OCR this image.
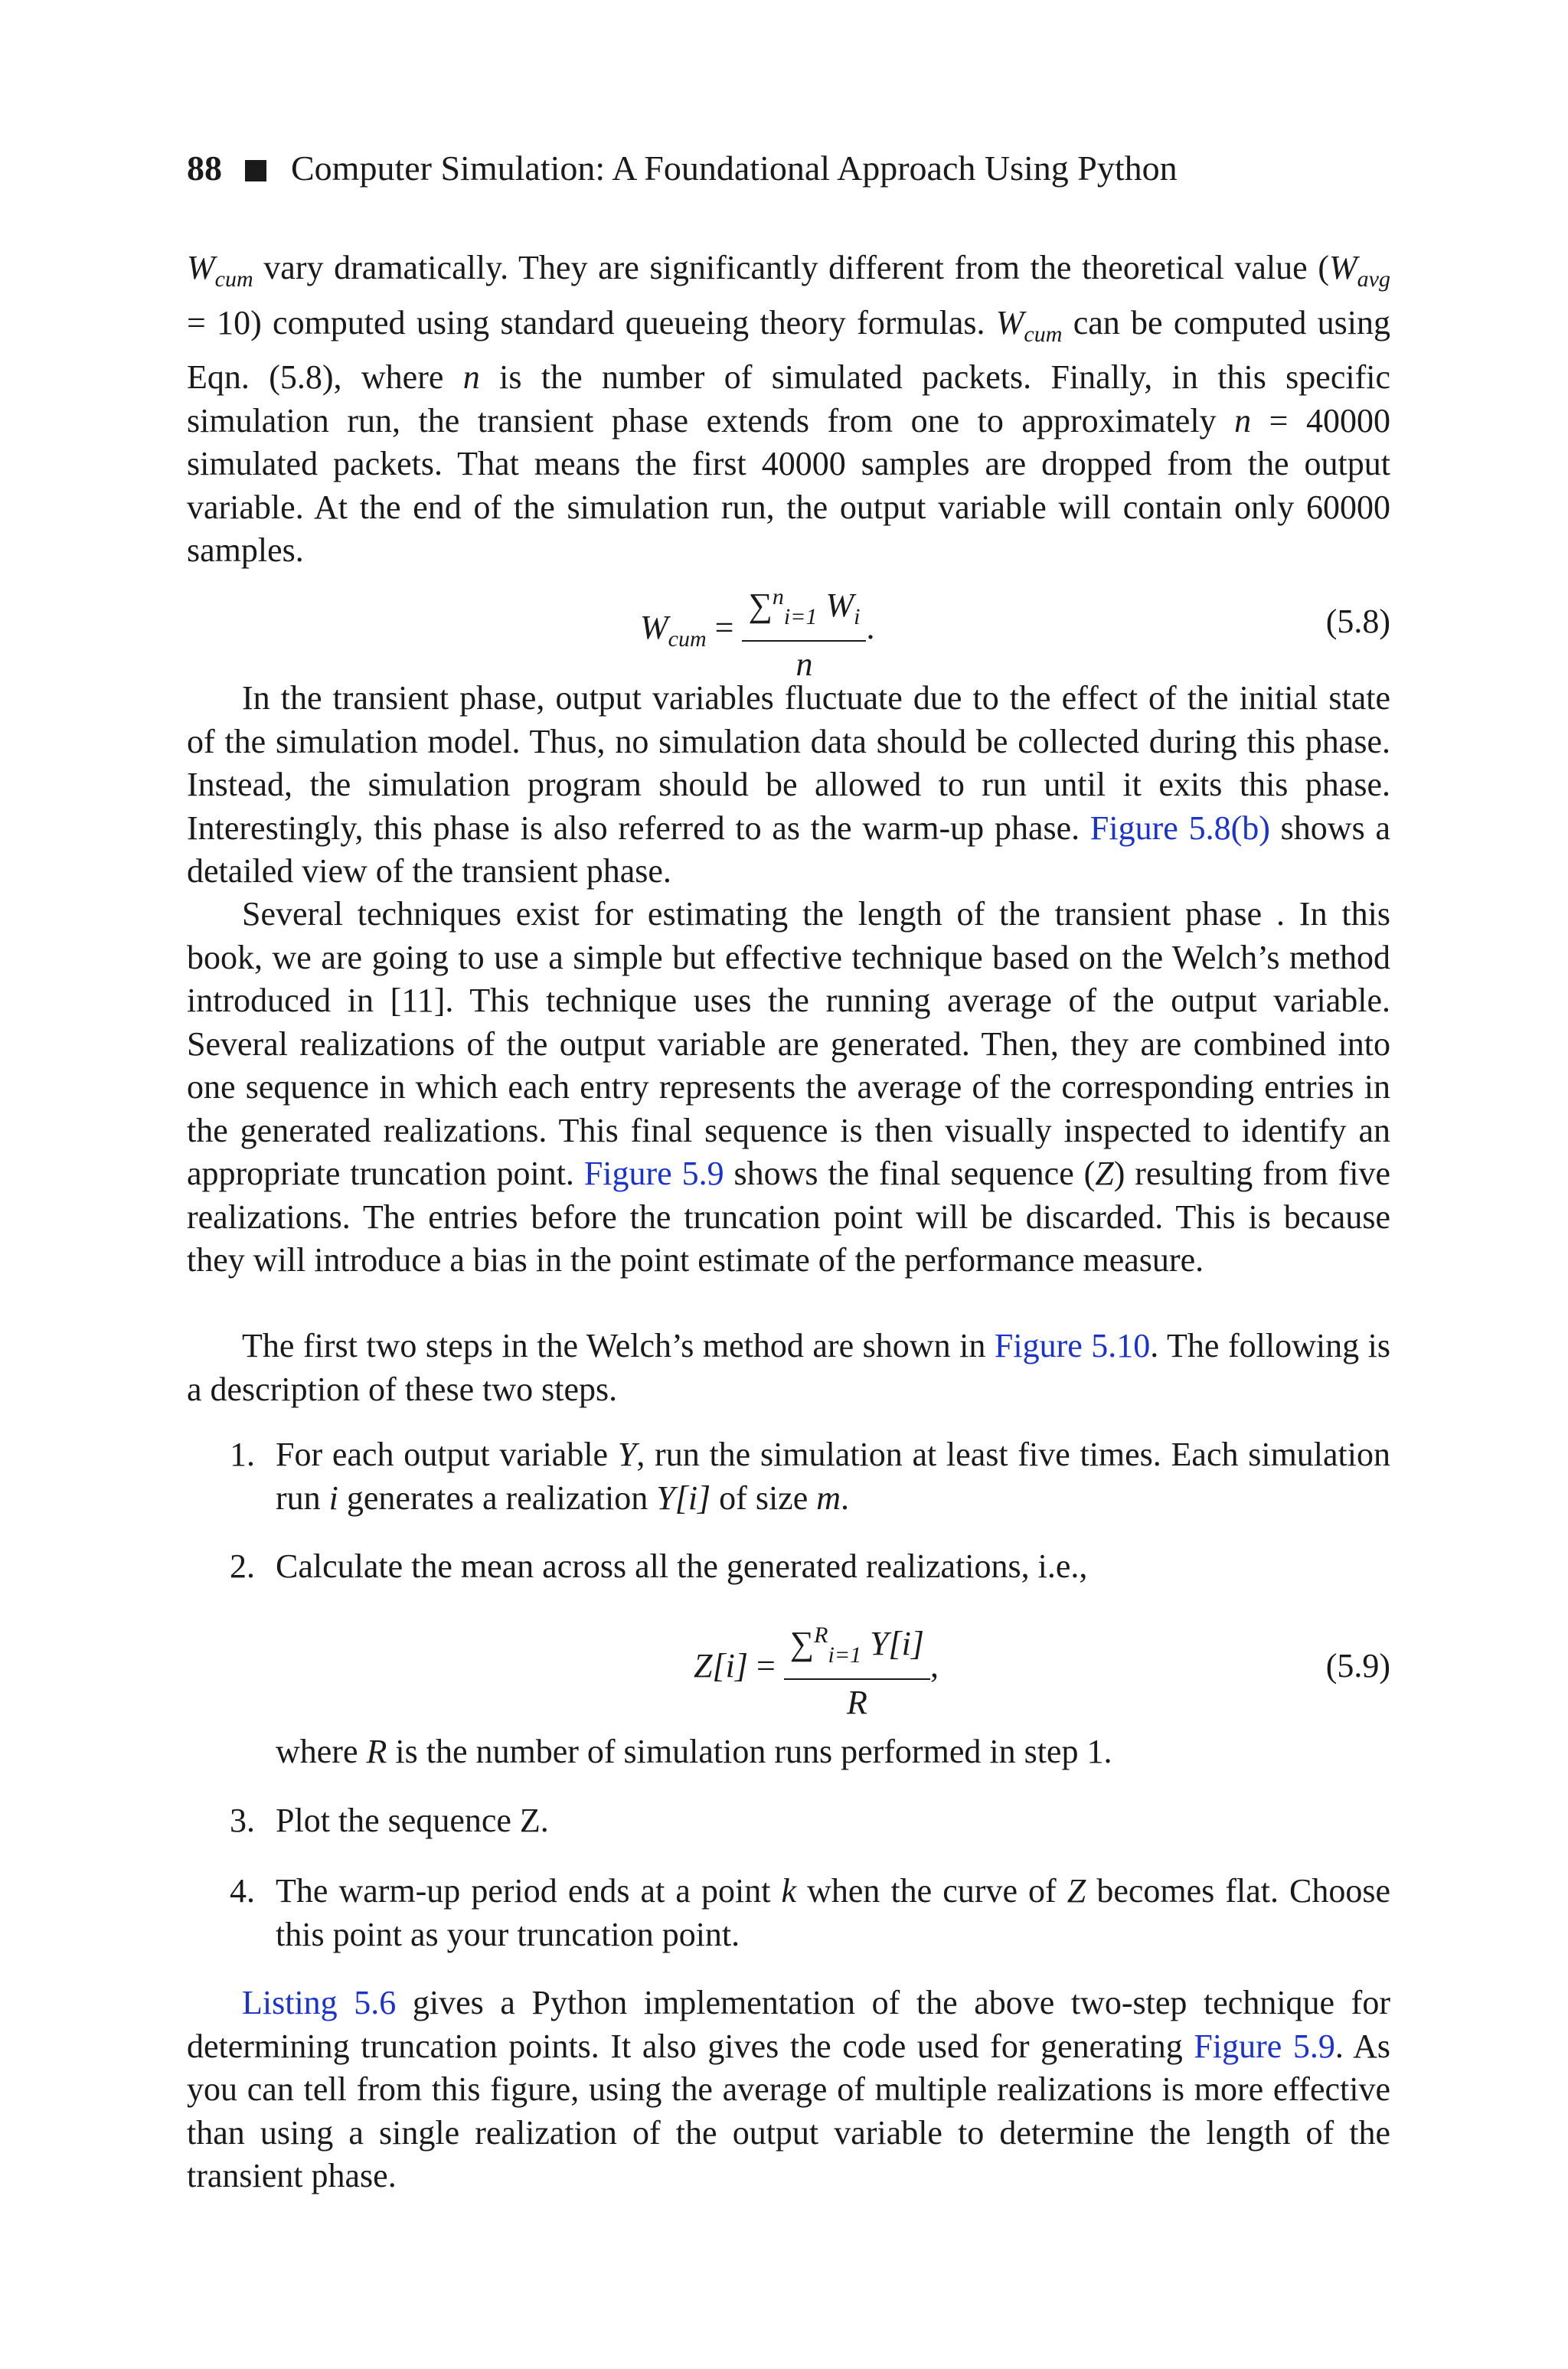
88 Computer Simulation: A Foundational Approach Using Python

$W_{cum}$ vary dramatically. They are significantly different from the theoretical value $(W_{avg} = 10)$ computed using standard queueing theory formulas. $W_{cum}$ can be computed using Eqn. (5.8), where n is the number of simulated packets. Finally, in this specific simulation run, the transient phase extends from one to approximately n = 40000 simulated packets. That means the first 40000 samples are dropped from the output variable. At the end of the simulation run, the output variable will contain only 60000 samples.

$W_{cum} = \frac{\sum^n_{i=1} W_i}{n}$ .	(5.8)

In the transient phase, output variables fluctuate due to the effect of the initial state of the simulation model. Thus, no simulation data should be collected during this phase. Instead, the simulation program should be allowed to run until it exits this phase. Interestingly, this phase is also referred to as the warm-up phase. Figure 5.8(b) shows a detailed view of the transient phase.

Several techniques exist for estimating the length of the transient phase . In this book, we are going to use a simple but effective technique based on the Welch’s method introduced in [11]. This technique uses the running average of the output variable. Several realizations of the output variable are generated. Then, they are combined into one sequence in which each entry represents the average of the corresponding entries in the generated realizations. This final sequence is then visually inspected to identify an appropriate truncation point. Figure 5.9 shows the final sequence (Z) resulting from five realizations. The entries before the truncation point will be discarded. This is because they will introduce a bias in the point estimate of the performance measure.

The first two steps in the Welch’s method are shown in Figure 5.10. The following is a description of these two steps.

1. For each output variable Y, run the simulation at least five times. Each simulation run i generates a realization Y[i] of size m.

2. Calculate the mean across all the generated realizations, i.e.,

$Z[i] = \frac{\sum^R_{i=1} Y[i]}{R}$ ,	(5.9)

where R is the number of simulation runs performed in step 1.

3. Plot the sequence Z.

4. The warm-up period ends at a point k when the curve of Z becomes flat. Choose this point as your truncation point.

Listing 5.6 gives a Python implementation of the above two-step technique for determining truncation points. It also gives the code used for generating Figure 5.9. As you can tell from this figure, using the average of multiple realizations is more effective than using a single realization of the output variable to determine the length of the transient phase.
